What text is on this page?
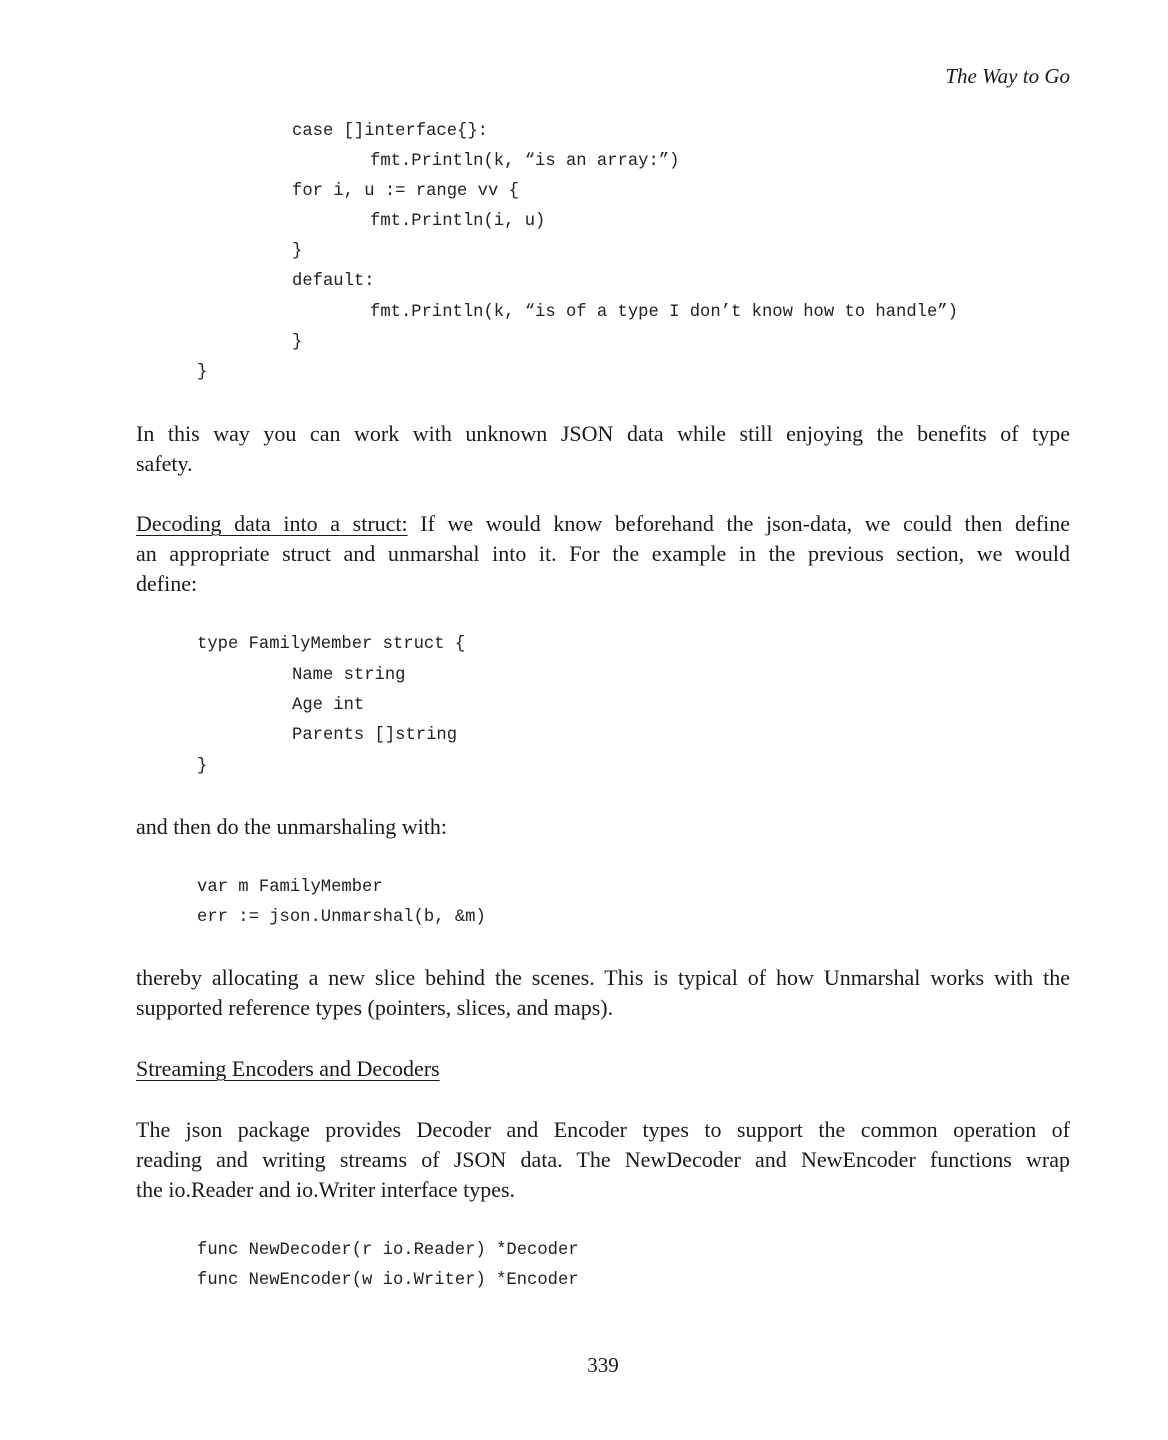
The Way to Go
case []interface{}:
fmt.Println(k, “is an array:”)
for i, u := range vv {
fmt.Println(i, u)
}
default:
fmt.Println(k, “is of a type I don’t know how to handle”)
}
}
In this way you can work with unknown JSON data while still enjoying the benefits of type
safety.
Decoding data into a struct: If we would know beforehand the json-data, we could then define
an appropriate struct and unmarshal into it. For the example in the previous section, we would
define:
type FamilyMember struct {
Name string
Age int
Parents []string
}
and then do the unmarshaling with:
var m FamilyMember
err := json.Unmarshal(b, &m)
thereby allocating a new slice behind the scenes. This is typical of how Unmarshal works with the
supported reference types (pointers, slices, and maps).
Streaming Encoders and Decoders
The json package provides Decoder and Encoder types to support the common operation of
reading and writing streams of JSON data. The NewDecoder and NewEncoder functions wrap
the io.Reader and io.Writer interface types.
func NewDecoder(r io.Reader) *Decoder
func NewEncoder(w io.Writer) *Encoder
339
